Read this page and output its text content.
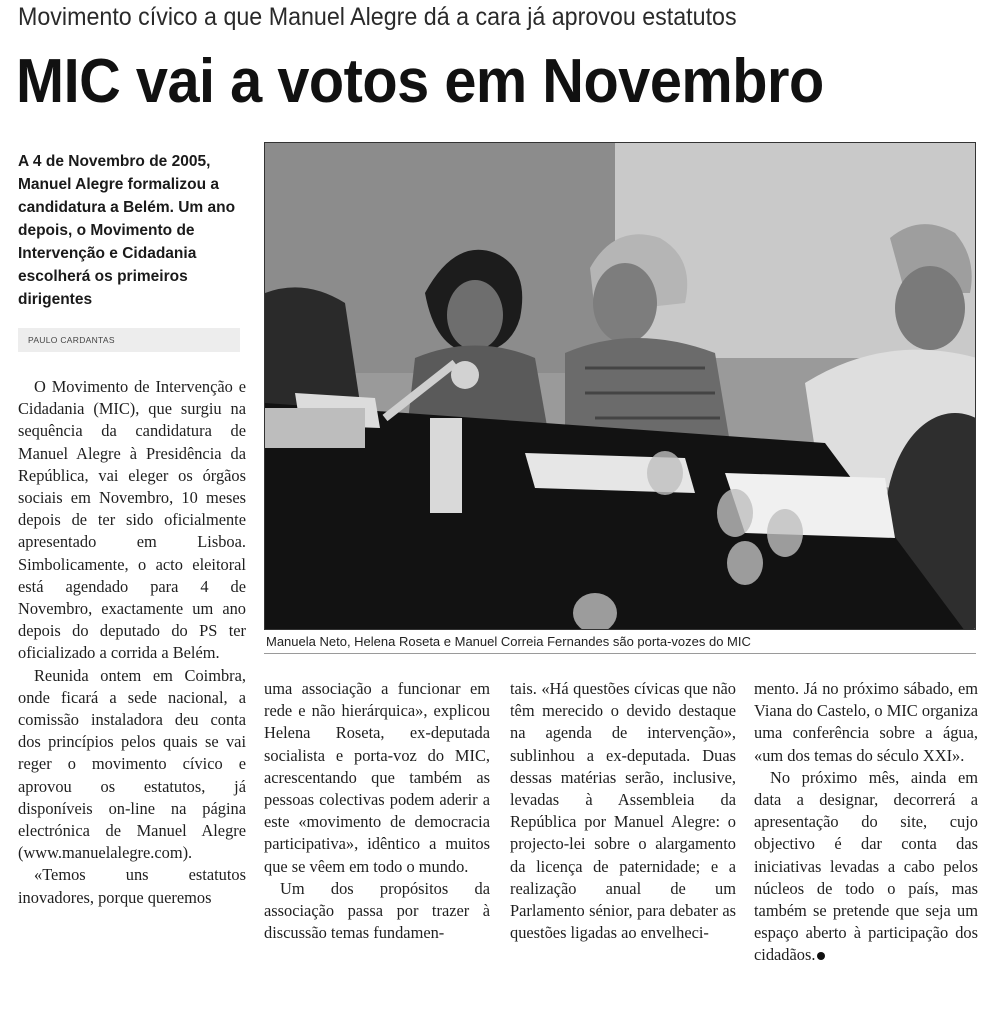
Movimento cívico a que Manuel Alegre dá a cara já aprovou estatutos
MIC vai a votos em Novembro
A 4 de Novembro de 2005, Manuel Alegre formalizou a candidatura a Belém. Um ano depois, o Movimento de Intervenção e Cidadania escolherá os primeiros dirigentes
PAULO CARDANTAS
Manuela Neto, Helena Roseta e Manuel Correia Fernandes são porta-vozes do MIC

O Movimento de Intervenção e Cidadania (MIC), que surgiu na sequência da candidatura de Manuel Alegre à Presidência da República, vai eleger os órgãos sociais em Novembro, 10 meses depois de ter sido oficialmente apresentado em Lisboa. Simbolicamente, o acto eleitoral está agendado para 4 de Novembro, exactamente um ano depois do deputado do PS ter oficializado a corrida a Belém.

Reunida ontem em Coimbra, onde ficará a sede nacional, a comissão instaladora deu conta dos princípios pelos quais se vai reger o movimento cívico e aprovou os estatutos, já disponíveis on-line na página electrónica de Manuel Alegre (www.manuelalegre.com).

«Temos uns estatutos inovadores, porque queremos

uma associação a funcionar em rede e não hierárquica», explicou Helena Roseta, ex-deputada socialista e porta-voz do MIC, acrescentando que também as pessoas colectivas podem aderir a este «movimento de democracia participativa», idêntico a muitos que se vêem em todo o mundo.

Um dos propósitos da associação passa por trazer à discussão temas fundamen-

tais. «Há questões cívicas que não têm merecido o devido destaque na agenda de intervenção», sublinhou a ex-deputada. Duas dessas matérias serão, inclusive, levadas à Assembleia da República por Manuel Alegre: o projecto-lei sobre o alargamento da licença de paternidade; e a realização anual de um Parlamento sénior, para debater as questões ligadas ao envelheci-

mento. Já no próximo sábado, em Viana do Castelo, o MIC organiza uma conferência sobre a água, «um dos temas do século XXI».

No próximo mês, ainda em data a designar, decorrerá a apresentação do site, cujo objectivo é dar conta das iniciativas levadas a cabo pelos núcleos de todo o país, mas também se pretende que seja um espaço aberto à participação dos cidadãos.
